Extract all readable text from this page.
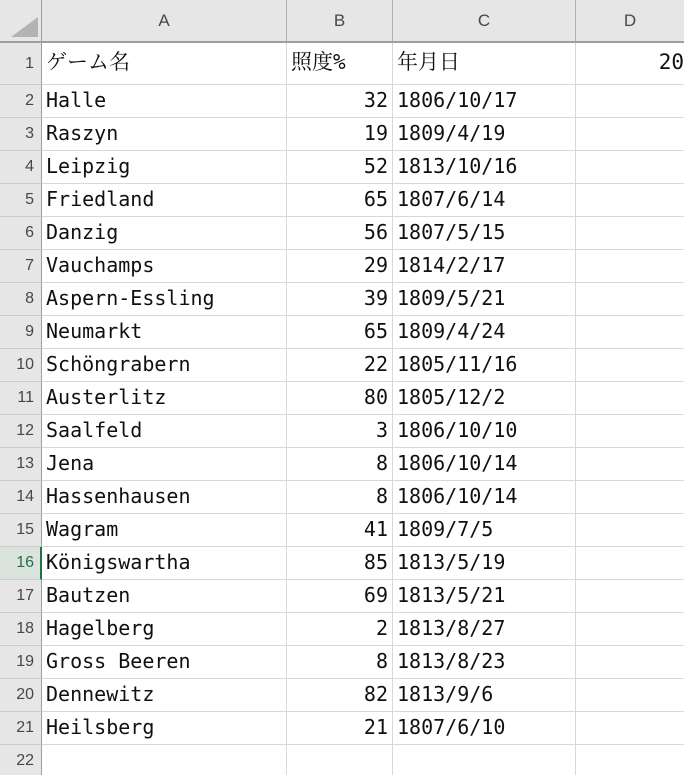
A	B	C	D
1 ゲーム名	照度%	年月日	20
2 Halle	32 1806/10/17
3 Raszyn	19 1809/4/19
4 Leipzig	52 1813/10/16
5 Friedland	65 1807/6/14
6 Danzig	56 1807/5/15
7 Vauchamps	29 1814/2/17
8 Aspern-Essling	39 1809/5/21
9 Neumarkt	65 1809/4/24
10 Schöngrabern	22 1805/11/16
11 Austerlitz	80 1805/12/2
12 Saalfeld	3 1806/10/10
13 Jena	8 1806/10/14
14 Hassenhausen	8 1806/10/14
15 Wagram	41 1809/7/5
16 Königswartha	85 1813/5/19
17 Bautzen	69 1813/5/21
18 Hagelberg	2 1813/8/27
19 Gross Beeren	8 1813/8/23
20 Dennewitz	82 1813/9/6
21 Heilsberg	21 1807/6/10
22
